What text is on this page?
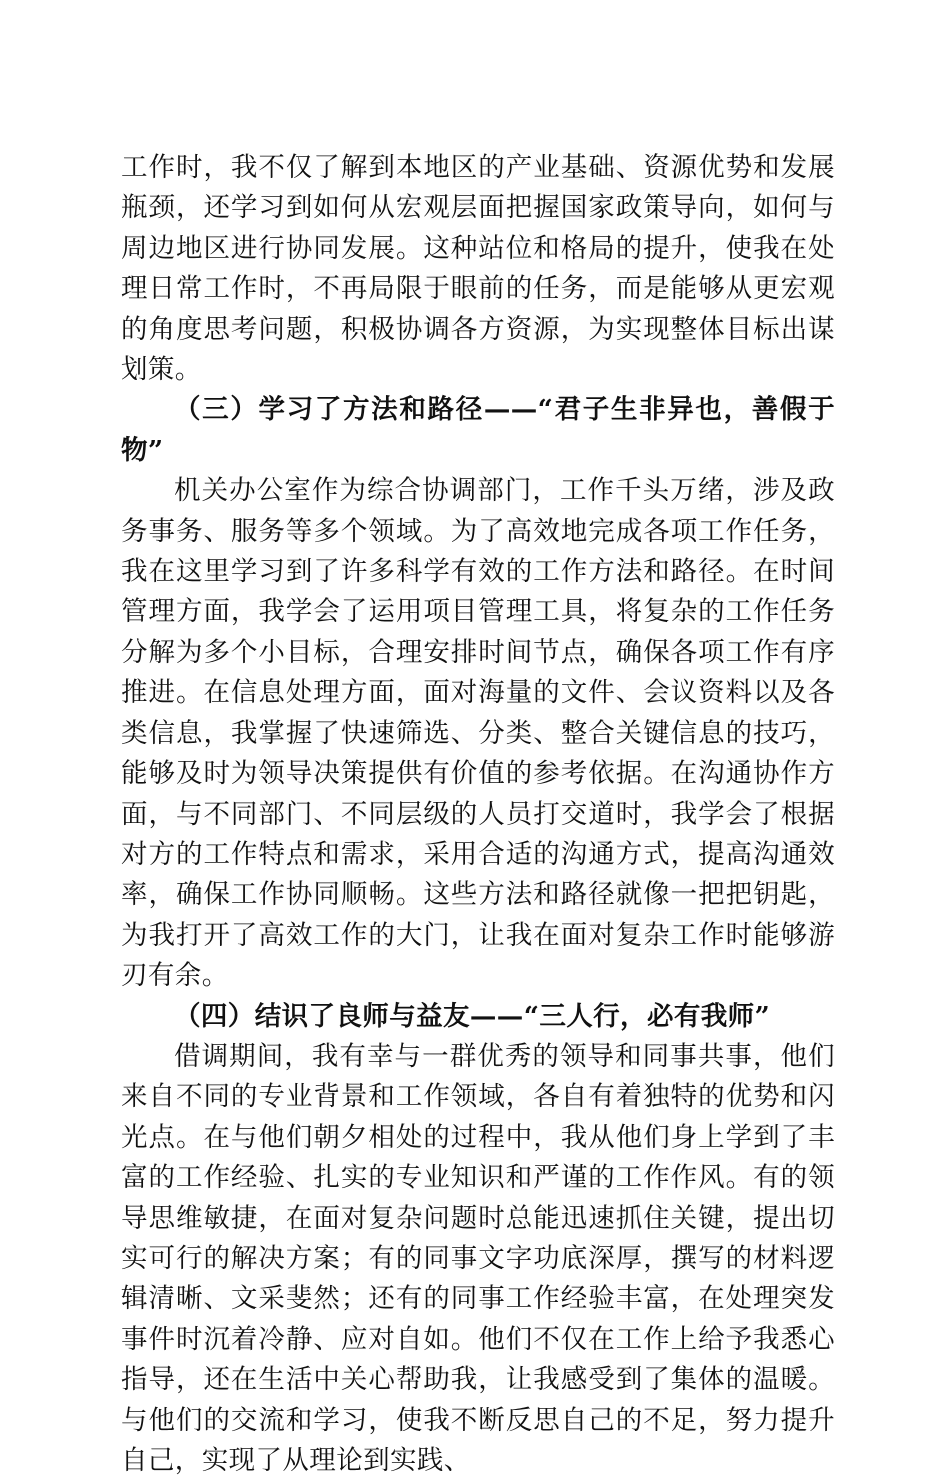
工作时，我不仅了解到本地区的产业基础、资源优势和发展瓶颈，还学习到如何从宏观层面把握国家政策导向，如何与周边地区进行协同发展。这种站位和格局的提升，使我在处理日常工作时，不再局限于眼前的任务，而是能够从更宏观的角度思考问题，积极协调各方资源，为实现整体目标出谋划策。

（三）学习了方法和路径——“君子生非异也，善假于物”

机关办公室作为综合协调部门，工作千头万绪，涉及政务事务、服务等多个领域。为了高效地完成各项工作任务，我在这里学习到了许多科学有效的工作方法和路径。在时间管理方面，我学会了运用项目管理工具，将复杂的工作任务分解为多个小目标，合理安排时间节点，确保各项工作有序推进。在信息处理方面，面对海量的文件、会议资料以及各类信息，我掌握了快速筛选、分类、整合关键信息的技巧，能够及时为领导决策提供有价值的参考依据。在沟通协作方面，与不同部门、不同层级的人员打交道时，我学会了根据对方的工作特点和需求，采用合适的沟通方式，提高沟通效率，确保工作协同顺畅。这些方法和路径就像一把把钥匙，为我打开了高效工作的大门，让我在面对复杂工作时能够游刃有余。

（四）结识了良师与益友——“三人行，必有我师”

借调期间，我有幸与一群优秀的领导和同事共事，他们来自不同的专业背景和工作领域，各自有着独特的优势和闪光点。在与他们朝夕相处的过程中，我从他们身上学到了丰富的工作经验、扎实的专业知识和严谨的工作作风。有的领导思维敏捷，在面对复杂问题时总能迅速抓住关键，提出切实可行的解决方案；有的同事文字功底深厚，撰写的材料逻辑清晰、文采斐然；还有的同事工作经验丰富，在处理突发事件时沉着冷静、应对自如。他们不仅在工作上给予我悉心指导，还在生活中关心帮助我，让我感受到了集体的温暖。与他们的交流和学习，使我不断反思自己的不足，努力提升自己，实现了从理论到实践、
